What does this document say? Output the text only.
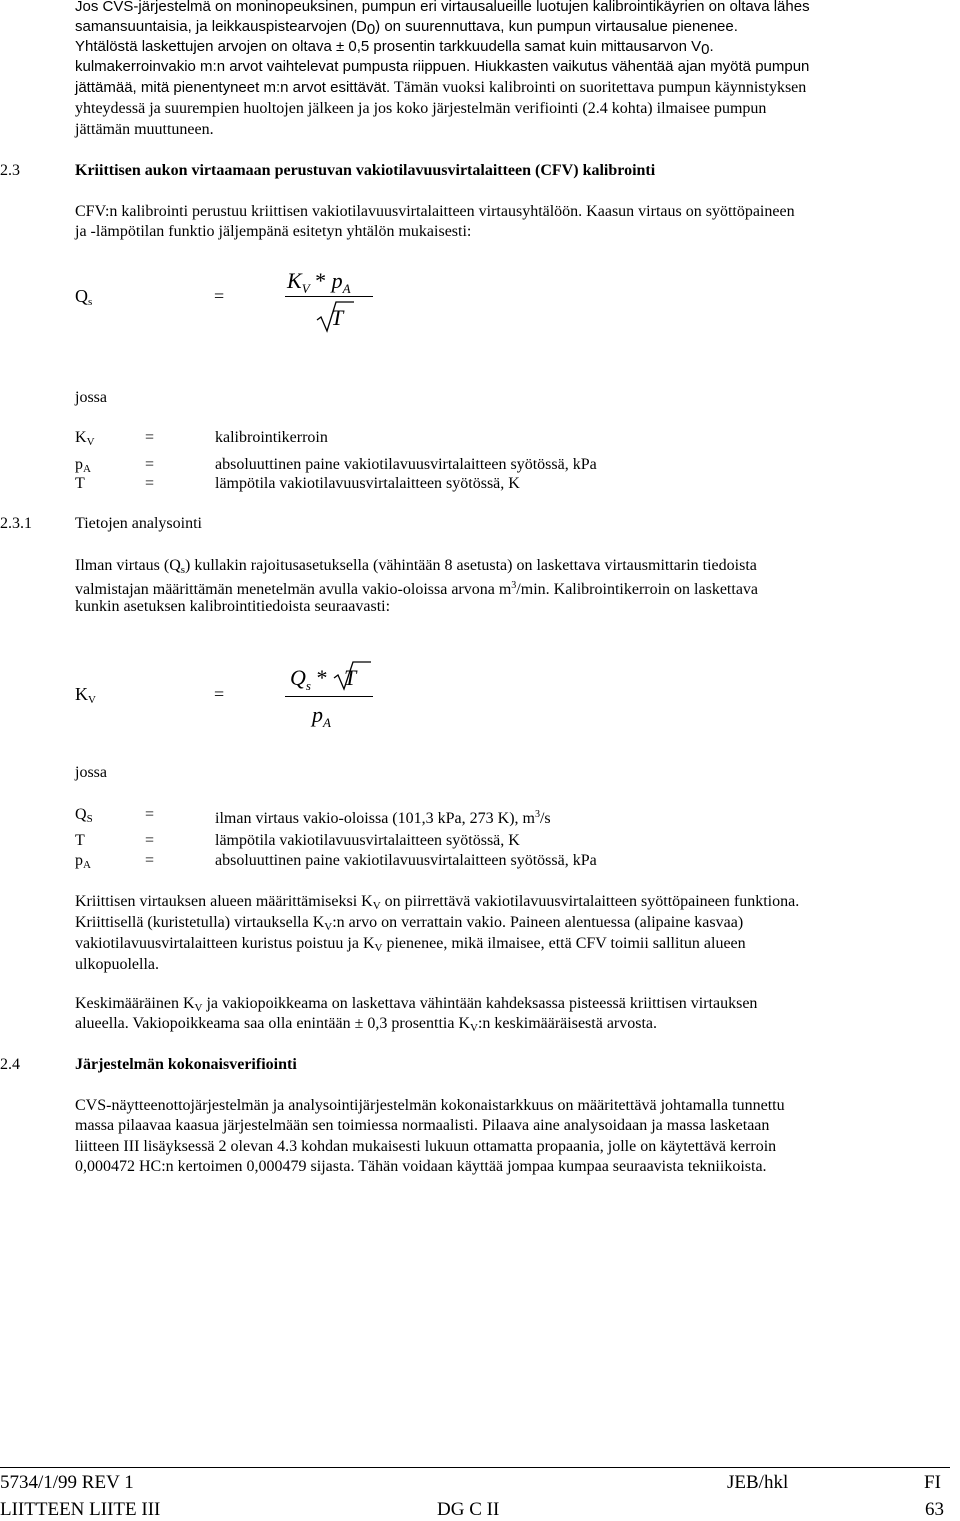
Jos CVS-järjestelmä on moninopeuksinen, pumpun eri virtausalueille luotujen kalibrointikäyrien on oltava lähes
samansuuntaisia, ja leikkauspistearvojen (D0) on suurennuttava, kun pumpun virtausalue pienenee.
Yhtälöstä laskettujen arvojen on oltava ± 0,5 prosentin tarkkuudella samat kuin mittausarvon V0.
kulmakerroinvakio m:n arvot vaihtelevat pumpusta riippuen. Hiukkasten vaikutus vähentää ajan myötä pumpun
jättämää, mitä pienentyneet m:n arvot esittävät. Tämän vuoksi kalibrointi on suoritettava pumpun käynnistyksen
yhteydessä ja suurempien huoltojen jälkeen ja jos koko järjestelmän verifiointi (2.4 kohta) ilmaisee pumpun
jättämän muuttuneen.
2.3	Kriittisen aukon virtaamaan perustuvan vakiotilavuusvirtalaitteen (CFV) kalibrointi
CFV:n kalibrointi perustuu kriittisen vakiotilavuusvirtalaitteen virtausyhtälöön. Kaasun virtaus on syöttöpaineen
ja -lämpötilan funktio jäljempänä esitetyn yhtälön mukaisesti:
$Q_s$	=
$K_V * p_A$
T
jossa
$K_V$	=	kalibrointikerroin
$p_A$	=	absoluuttinen paine vakiotilavuusvirtalaitteen syötössä, kPa
T	=	lämpötila vakiotilavuusvirtalaitteen syötössä, K
2.3.1	Tietojen analysointi
Ilman virtaus $(Q_s)$ kullakin rajoitusasetuksella (vähintään 8 asetusta) on laskettava virtausmittarin tiedoista
valmistajan määrittämän menetelmän avulla vakio-oloissa arvona $m^3/\min$. Kalibrointikerroin on laskettava
kunkin asetuksen kalibrointitiedoista seuraavasti:
$K_V$	=
$Q_s$ * T
$p_A$
jossa
$Q_S$	=	ilman virtaus vakio-oloissa (101,3 kPa, 273 K), $m^3/s$
T	=	lämpötila vakiotilavuusvirtalaitteen syötössä, K
$p_A$	=	absoluuttinen paine vakiotilavuusvirtalaitteen syötössä, kPa
Kriittisen virtauksen alueen määrittämiseksi $K_V$ on piirrettävä vakiotilavuusvirtalaitteen syöttöpaineen funktiona.
Kriittisellä (kuristetulla) virtauksella $K_V:n$ arvo on verrattain vakio. Paineen alentuessa (alipaine kasvaa)
vakiotilavuusvirtalaitteen kuristus poistuu ja $K_V$ pienenee, mikä ilmaisee, että CFV toimii sallitun alueen
ulkopuolella.
Keskimääräinen $K_V$ ja vakiopoikkeama on laskettava vähintään kahdeksassa pisteessä kriittisen virtauksen
alueella. Vakiopoikkeama saa olla enintään ± 0,3 prosenttia $K_V:n$ keskimääräisestä arvosta.
2.4	Järjestelmän kokonaisverifiointi
CVS-näytteenottojärjestelmän ja analysointijärjestelmän kokonaistarkkuus on määritettävä johtamalla tunnettu
massa pilaavaa kaasua järjestelmään sen toimiessa normaalisti. Pilaava aine analysoidaan ja massa lasketaan
liitteen III lisäyksessä 2 olevan 4.3 kohdan mukaisesti lukuun ottamatta propaania, jolle on käytettävä kerroin
0,000472 HC:n kertoimen 0,000479 sijasta. Tähän voidaan käyttää jompaa kumpaa seuraavista tekniikoista.
5734/1/99 REV 1	JEB/hkl	FI
LIITTEEN LIITE III	DG C II	63
